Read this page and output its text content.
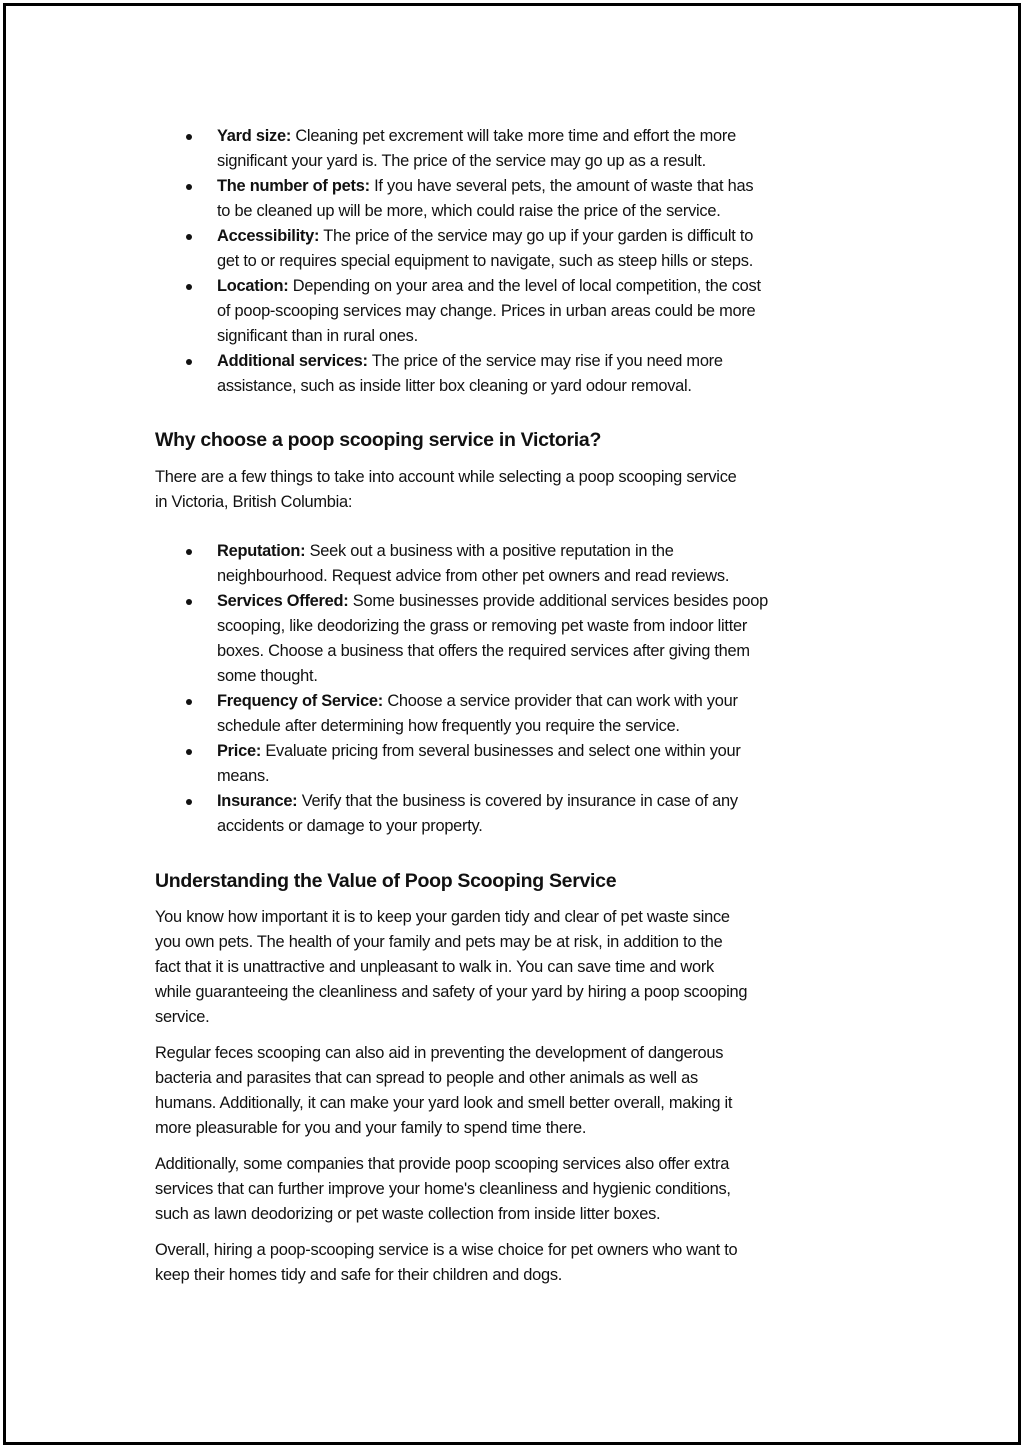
Yard size: Cleaning pet excrement will take more time and effort the more
significant your yard is. The price of the service may go up as a result.
The number of pets: If you have several pets, the amount of waste that has
to be cleaned up will be more, which could raise the price of the service.
Accessibility: The price of the service may go up if your garden is difficult to
get to or requires special equipment to navigate, such as steep hills or steps.
Location: Depending on your area and the level of local competition, the cost
of poop-scooping services may change. Prices in urban areas could be more
significant than in rural ones.
Additional services: The price of the service may rise if you need more
assistance, such as inside litter box cleaning or yard odour removal.
Why choose a poop scooping service in Victoria?
There are a few things to take into account while selecting a poop scooping service
in Victoria, British Columbia:
Reputation: Seek out a business with a positive reputation in the
neighbourhood. Request advice from other pet owners and read reviews.
Services Offered: Some businesses provide additional services besides poop
scooping, like deodorizing the grass or removing pet waste from indoor litter
boxes. Choose a business that offers the required services after giving them
some thought.
Frequency of Service: Choose a service provider that can work with your
schedule after determining how frequently you require the service.
Price: Evaluate pricing from several businesses and select one within your
means.
Insurance: Verify that the business is covered by insurance in case of any
accidents or damage to your property.
Understanding the Value of Poop Scooping Service
You know how important it is to keep your garden tidy and clear of pet waste since
you own pets. The health of your family and pets may be at risk, in addition to the
fact that it is unattractive and unpleasant to walk in. You can save time and work
while guaranteeing the cleanliness and safety of your yard by hiring a poop scooping
service.
Regular feces scooping can also aid in preventing the development of dangerous
bacteria and parasites that can spread to people and other animals as well as
humans. Additionally, it can make your yard look and smell better overall, making it
more pleasurable for you and your family to spend time there.
Additionally, some companies that provide poop scooping services also offer extra
services that can further improve your home's cleanliness and hygienic conditions,
such as lawn deodorizing or pet waste collection from inside litter boxes.
Overall, hiring a poop-scooping service is a wise choice for pet owners who want to
keep their homes tidy and safe for their children and dogs.
